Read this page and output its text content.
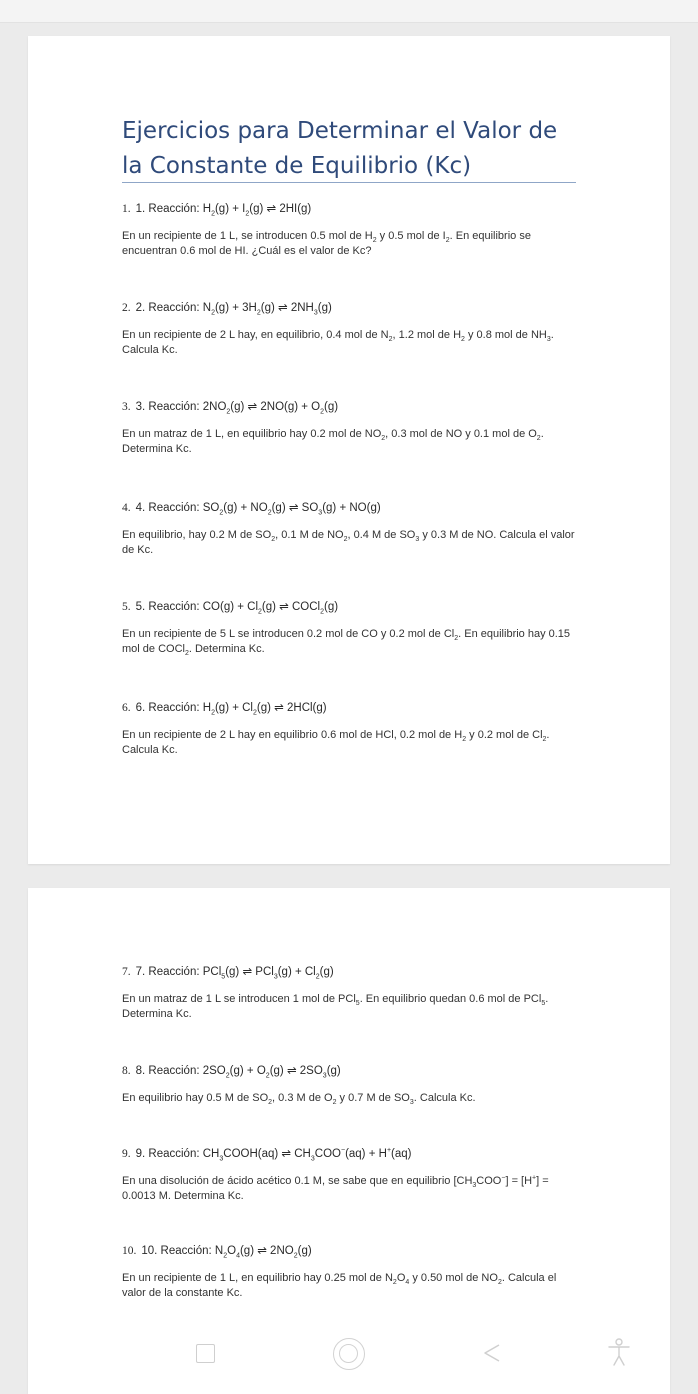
Ejercicios para Determinar el Valor de la Constante de Equilibrio (Kc)
1. 1. Reacción: $H_2(g) + I_2(g)$ ⇌ 2HI(g)
En un recipiente de 1 L, se introducen 0.5 mol de $H_2$ y 0.5 mol de $I_2$. En equilibrio se encuentran 0.6 mol de HI. ¿Cuál es el valor de Kc?
2. 2. Reacción: $N_2(g) + 3H_2(g)$ ⇌ $2NH_3(g)$
En un recipiente de 2 L hay, en equilibrio, 0.4 mol de $N_2$, 1.2 mol de $H_2$ y 0.8 mol de $NH_3$. Calcula Kc.
3. 3. Reacción: $2NO_2(g)$ ⇌ $2NO(g) + O_2(g)$
En un matraz de 1 L, en equilibrio hay 0.2 mol de $NO_2$, 0.3 mol de NO y 0.1 mol de $O_2$. Determina Kc.
4. 4. Reacción: $SO_2(g) + NO_2(g)$ ⇌ $SO_3(g) + NO(g)$
En equilibrio, hay 0.2 M de $SO_2$, 0.1 M de $NO_2$, 0.4 M de $SO_3$ y 0.3 M de NO. Calcula el valor de Kc.
5. 5. Reacción: $CO(g) + Cl_2(g)$ ⇌ COCl$_2$(g)
En un recipiente de 5 L se introducen 0.2 mol de CO y 0.2 mol de $Cl_2$. En equilibrio hay 0.15 mol de COCl$_2$. Determina Kc.
6. 6. Reacción: $H_2(g) + Cl_2(g)$ ⇌ 2HCl(g)
En un recipiente de 2 L hay en equilibrio 0.6 mol de HCl, 0.2 mol de $H_2$ y 0.2 mol de $Cl_2$. Calcula Kc.
7. 7. Reacción: PCl$_5$(g) ⇌ $PCl_3(g) + Cl_2(g)$
En un matraz de 1 L se introducen 1 mol de PCl$_5$. En equilibrio quedan 0.6 mol de PCl$_5$. Determina Kc.
8. 8. Reacción: $2SO_2(g) + O_2(g)$ ⇌ $2SO_3(g)$
En equilibrio hay 0.5 M de $SO_2$, 0.3 M de $O_2$ y 0.7 M de $SO_3$. Calcula Kc.
9. 9. Reacción: $CH_3COOH(aq)$ ⇌ $CH_3COO^-(aq) + H^+(aq)$
En una disolución de ácido acético 0.1 M, se sabe que en equilibrio $[CH_3COO^-] = [H^+] = 0.0013$ M. Determina Kc.
10. 10. Reacción: $N_2O_4(g)$ ⇌ $2NO_2(g)$
En un recipiente de 1 L, en equilibrio hay 0.25 mol de $N_2O_4$ y 0.50 mol de $NO_2$. Calcula el valor de la constante Kc.
